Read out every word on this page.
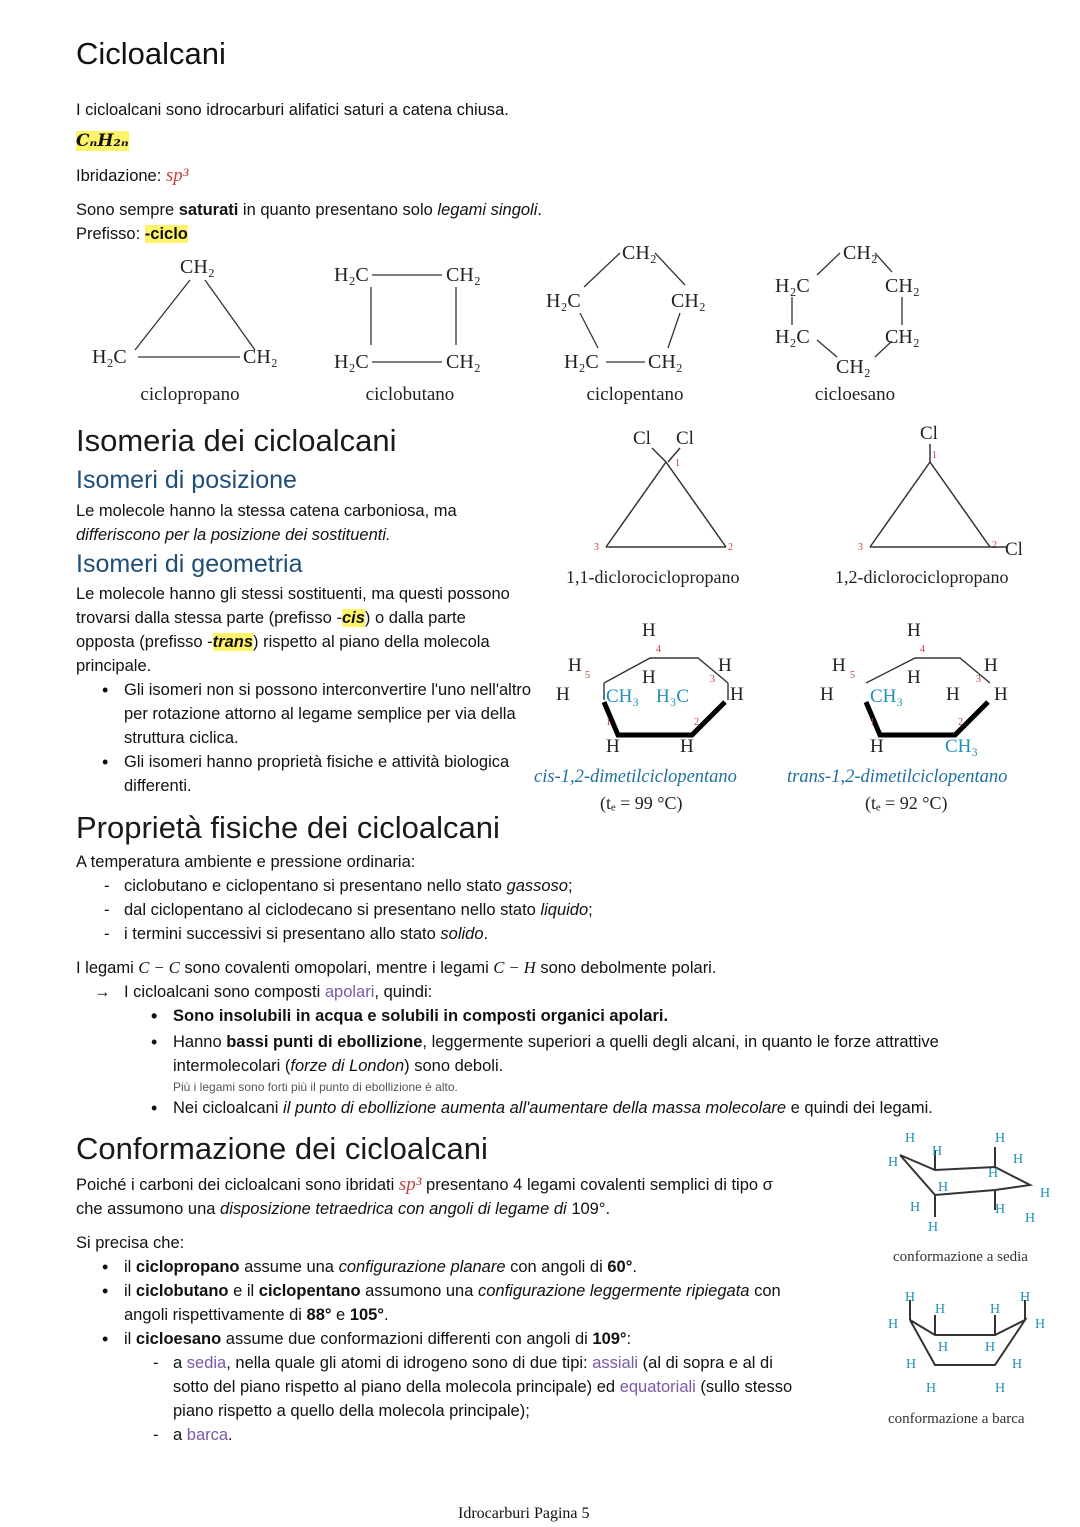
Cicloalcani
I cicloalcani sono idrocarburi alifatici saturi a catena chiusa.
CₙH₂ₙ
Ibridazione: sp³
Sono sempre saturati in quanto presentano solo legami singoli.
Prefisso: -ciclo
CH₂
H₂C	CH₂
H₂C	CH₂
H₂C	CH₂
CH₂
H₂C	CH₂
H₂C CH₂
CH₂
H₂C	CH₂
H₂C	CH₂
CH₂
ciclopropano	ciclobutano	ciclopentano	cicloesano
Isomeria dei cicloalcani
Isomeri di posizione
Le molecole hanno la stessa catena carboniosa, ma
differiscono per la posizione dei sostituenti.
Isomeri di geometria
Le molecole hanno gli stessi sostituenti, ma questi possono
trovarsi dalla stessa parte (prefisso -cis) o dalla parte
opposta (prefisso -trans) rispetto al piano della molecola
principale.
• Gli isomeri non si possono interconvertire l'uno nell'altro per rotazione attorno al legame semplice per via della struttura ciclica.
• Gli isomeri hanno proprietà fisiche e attività biologica differenti.
Cl Cl	Cl
Cl
1
3	2
1
3	2
H
H
H
H
H
H
H	H
CH₃ H₃C
H
H
H
H
H
H
H
H
CH₃
CH₃
5
4
3
1	2
5
4
3
1	2
1,1-diclorociclopropano	1,2-diclorociclopropano
cis-1,2-dimetilciclopentano
(tₑ = 99 °C)
trans-1,2-dimetilciclopentano
(tₑ = 92 °C)
Proprietà fisiche dei cicloalcani
A temperatura ambiente e pressione ordinaria:
- ciclobutano e ciclopentano si presentano nello stato gassoso;
- dal ciclopentano al ciclodecano si presentano nello stato liquido;
- i termini successivi si presentano allo stato solido.
I legami C − C sono covalenti omopolari, mentre i legami C − H sono debolmente polari.
→ I cicloalcani sono composti apolari, quindi:
• Sono insolubili in acqua e solubili in composti organici apolari.
• Hanno bassi punti di ebollizione, leggermente superiori a quelli degli alcani, in quanto le forze attrattive
intermolecolari (forze di London) sono deboli.
Più i legami sono forti più il punto di ebollizione è alto.
• Nei cicloalcani il punto di ebollizione aumenta all'aumentare della massa molecolare e quindi dei legami.
Conformazione dei cicloalcani
Poiché i carboni dei cicloalcani sono ibridati sp³ presentano 4 legami covalenti semplici di tipo σ
che assumono una disposizione tetraedrica con angoli di legame di 109°.
Si precisa che:
• il ciclopropano assume una configurazione planare con angoli di 60°.
• il ciclobutano e il ciclopentano assumono una configurazione leggermente ripiegata con
angoli rispettivamente di 88° e 105°.
• il cicloesano assume due conformazioni differenti con angoli di 109°:
- a sedia, nella quale gli atomi di idrogeno sono di due tipi: assiali (al di sopra e al di
sotto del piano rispetto al piano della molecola principale) ed equatoriali (sullo stesso
piano rispetto a quello della molecola principale);
- a barca.
H
H
H
H	H
H
H	H
H	H
H
H
H	H
H	H
H	H
H	H
H	H
H	H
conformazione a sedia
conformazione a barca
Idrocarburi Pagina 5
